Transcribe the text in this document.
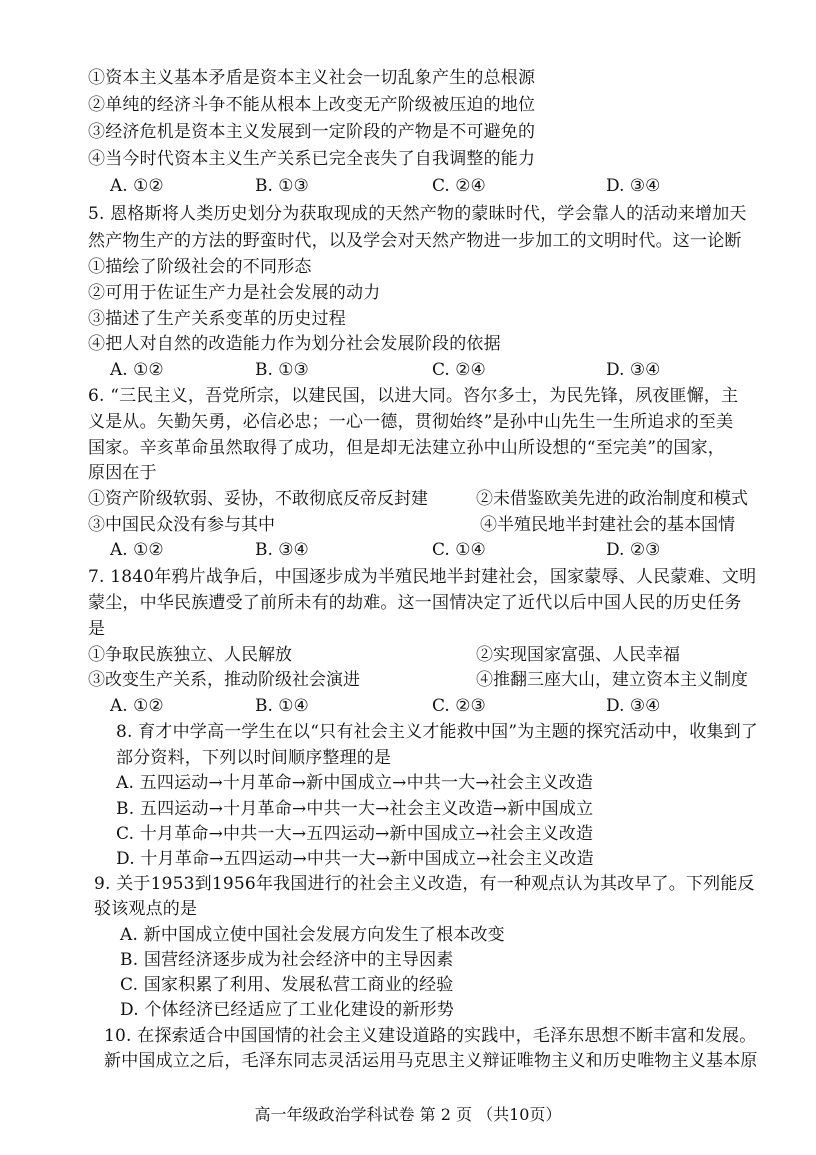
①资本主义基本矛盾是资本主义社会一切乱象产生的总根源
②单纯的经济斗争不能从根本上改变无产阶级被压迫的地位
③经济危机是资本主义发展到一定阶段的产物是不可避免的
④当今时代资本主义生产关系已完全丧失了自我调整的能力
A. ①②	B. ①③	C. ②④	D. ③④
5. 恩格斯将人类历史划分为获取现成的天然产物的蒙昧时代，学会靠人的活动来增加天
然产物生产的方法的野蛮时代，以及学会对天然产物进一步加工的文明时代。这一论断
①描绘了阶级社会的不同形态
②可用于佐证生产力是社会发展的动力
③描述了生产关系变革的历史过程
④把人对自然的改造能力作为划分社会发展阶段的依据
A. ①②	B. ①③	C. ②④	D. ③④
6. “三民主义，吾党所宗，以建民国，以进大同。咨尔多士，为民先锋，夙夜匪懈，主
义是从。矢勤矢勇，必信必忠；一心一德，贯彻始终”是孙中山先生一生所追求的至美
国家。辛亥革命虽然取得了成功，但是却无法建立孙中山所设想的“至完美”的国家，
原因在于
①资产阶级软弱、妥协，不敢彻底反帝反封建	②未借鉴欧美先进的政治制度和模式
③中国民众没有参与其中	④半殖民地半封建社会的基本国情
A. ①②	B. ③④	C. ①④	D. ②③
7. 1840年鸦片战争后，中国逐步成为半殖民地半封建社会，国家蒙辱、人民蒙难、文明
蒙尘，中华民族遭受了前所未有的劫难。这一国情决定了近代以后中国人民的历史任务
是
①争取民族独立、人民解放	②实现国家富强、人民幸福
③改变生产关系，推动阶级社会演进	④推翻三座大山，建立资本主义制度
A. ①②	B. ①④	C. ②③	D. ③④
8. 育才中学高一学生在以“只有社会主义才能救中国”为主题的探究活动中，收集到了
部分资料，下列以时间顺序整理的是
A. 五四运动→十月革命→新中国成立→中共一大→社会主义改造
B. 五四运动→十月革命→中共一大→社会主义改造→新中国成立
C. 十月革命→中共一大→五四运动→新中国成立→社会主义改造
D. 十月革命→五四运动→中共一大→新中国成立→社会主义改造
9. 关于1953到1956年我国进行的社会主义改造，有一种观点认为其改早了。下列能反
驳该观点的是
A. 新中国成立使中国社会发展方向发生了根本改变
B. 国营经济逐步成为社会经济中的主导因素
C. 国家积累了利用、发展私营工商业的经验
D. 个体经济已经适应了工业化建设的新形势
10. 在探索适合中国国情的社会主义建设道路的实践中，毛泽东思想不断丰富和发展。
新中国成立之后，毛泽东同志灵活运用马克思主义辩证唯物主义和历史唯物主义基本原
高一年级政治学科试卷 第 2 页 （共10页）
